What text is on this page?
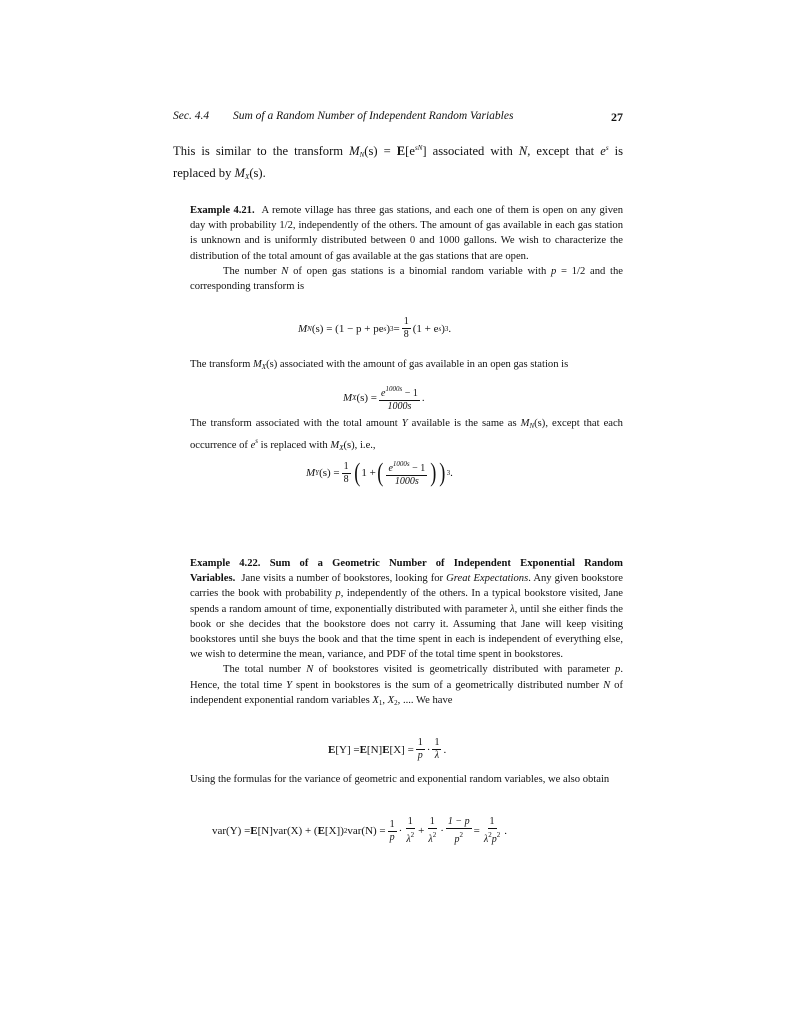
Sec. 4.4 Sum of a Random Number of Independent Random Variables	27
This is similar to the transform $M_N(s) = E[e^{sN}]$ associated with N, except that $e^s$ is replaced by $M_X(s)$.

Example 4.21. A remote village has three gas stations, and each one of them is open on any given day with probability 1/2, independently of the others. The amount of gas available in each gas station is unknown and is uniformly distributed between 0 and 1000 gallons. We wish to characterize the distribution of the total amount of gas available at the gas stations that are open.

The number N of open gas stations is a binomial random variable with p = 1/2 and the corresponding transform is

M N (s) = (1 − p + pe s ) $3 = \frac{1}{8} (1 + e$ s ) 3 .

The transform $M_X(s)$ associated with the amount of gas available in an open gas station is

M X $(s) = \frac{e^{1000s} - 1}{1000s}$ .

The transform associated with the total amount Y available is the same as $M_N(s)$, except that each occurrence of $e^s$ is replaced with $M_X(s)$, i.e.,

M Y $(s) = \frac{1}{8}$ ( 1 + ( $\frac{e^{1000s} - 1}{1000s}$ ) ) 3 .

Example 4.22. Sum of a Geometric Number of Independent Exponential Random Variables. Jane visits a number of bookstores, looking for Great Expectations. Any given bookstore carries the book with probability p, independently of the others. In a typical bookstore visited, Jane spends a random amount of time, exponentially distributed with parameter λ, until she either finds the book or she decides that the bookstore does not carry it. Assuming that Jane will keep visiting bookstores until she buys the book and that the time spent in each is independent of everything else, we wish to determine the mean, variance, and PDF of the total time spent in bookstores.

The total number N of bookstores visited is geometrically distributed with parameter p. Hence, the total time Y spent in bookstores is the sum of a geometrically distributed number N of independent exponential random variables $X_1$, $X_2$, .... We have

E [Y] = E [N] E $[X] = \frac{1}{p} \cdot \frac{1}{\lambda}$ .

Using the formulas for the variance of geometric and exponential random variables, we also obtain

var(Y) = E [N]var(X) + ( E [X]) 2 $var(N) = \frac{1}{p} \cdot \frac{1}{\lambda^2} + \frac{1}{\lambda^2} \cdot \frac{1 - p}{p^2} = \frac{1}{\lambda^2p^2}$ .
